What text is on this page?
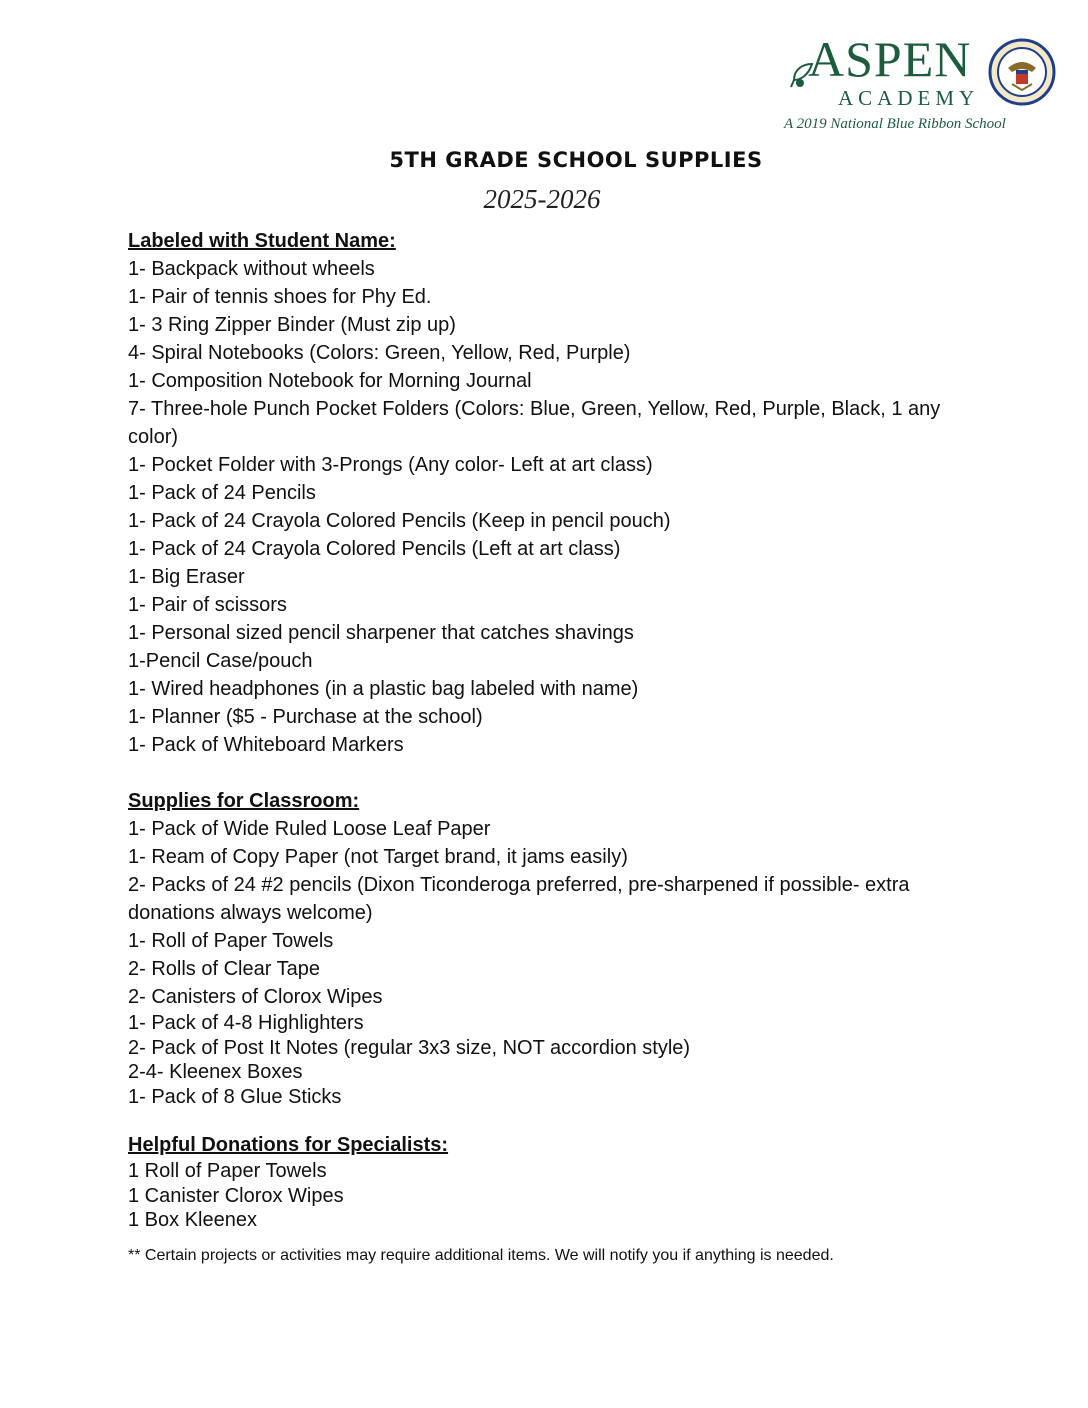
ASPEN
ACADEMY
A 2019 National Blue Ribbon School
5TH GRADE SCHOOL SUPPLIES
2025-2026
Labeled with Student Name:
1- Backpack without wheels
1- Pair of tennis shoes for Phy Ed.
1- 3 Ring Zipper Binder (Must zip up)
4- Spiral Notebooks (Colors: Green, Yellow, Red, Purple)
1- Composition Notebook for Morning Journal
7- Three-hole Punch Pocket Folders (Colors: Blue, Green, Yellow, Red, Purple, Black, 1 any color)
1- Pocket Folder with 3-Prongs (Any color- Left at art class)
1- Pack of 24 Pencils
1- Pack of 24 Crayola Colored Pencils (Keep in pencil pouch)
1- Pack of 24 Crayola Colored Pencils (Left at art class)
1- Big Eraser
1- Pair of scissors
1- Personal sized pencil sharpener that catches shavings
1-Pencil Case/pouch
1- Wired headphones (in a plastic bag labeled with name)
1- Planner ($5 - Purchase at the school)
1- Pack of Whiteboard Markers
Supplies for Classroom:
1- Pack of Wide Ruled Loose Leaf Paper
1- Ream of Copy Paper (not Target brand, it jams easily)
2- Packs of 24 #2 pencils (Dixon Ticonderoga preferred, pre-sharpened if possible- extra donations always welcome)
1- Roll of Paper Towels
2- Rolls of Clear Tape
2- Canisters of Clorox Wipes
1- Pack of 4-8 Highlighters
2- Pack of Post It Notes (regular 3x3 size, NOT accordion style)
2-4- Kleenex Boxes
1- Pack of 8 Glue Sticks
Helpful Donations for Specialists:
1 Roll of Paper Towels
1 Canister Clorox Wipes
1 Box Kleenex
** Certain projects or activities may require additional items. We will notify you if anything is needed.
